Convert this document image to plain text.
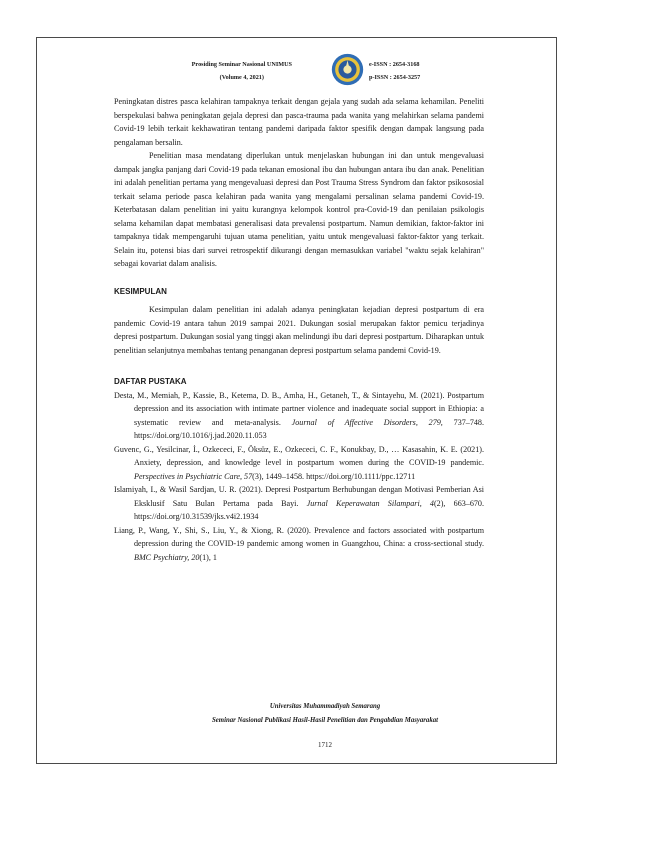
Prosiding Seminar Nasional UNIMUS
(Volume 4, 2021)
e-ISSN : 2654-3168
p-ISSN : 2654-3257

Peningkatan distres pasca kelahiran tampaknya terkait dengan gejala yang sudah ada selama kehamilan. Peneliti berspekulasi bahwa peningkatan gejala depresi dan pasca-trauma pada wanita yang melahirkan selama pandemi Covid-19 lebih terkait kekhawatiran tentang pandemi daripada faktor spesifik dengan dampak langsung pada pengalaman bersalin.

Penelitian masa mendatang diperlukan untuk menjelaskan hubungan ini dan untuk mengevaluasi dampak jangka panjang dari Covid-19 pada tekanan emosional ibu dan hubungan antara ibu dan anak. Penelitian ini adalah penelitian pertama yang mengevaluasi depresi dan Post Trauma Stress Syndrom dan faktor psikososial terkait selama periode pasca kelahiran pada wanita yang mengalami persalinan selama pandemi Covid-19. Keterbatasan dalam penelitian ini yaitu kurangnya kelompok kontrol pra-Covid-19 dan penilaian psikologis selama kehamilan dapat membatasi generalisasi data prevalensi postpartum. Namun demikian, faktor-faktor ini tampaknya tidak mempengaruhi tujuan utama penelitian, yaitu untuk mengevaluasi faktor-faktor yang terkait. Selain itu, potensi bias dari survei retrospektif dikurangi dengan memasukkan variabel "waktu sejak kelahiran" sebagai kovariat dalam analisis.

KESIMPULAN

Kesimpulan dalam penelitian ini adalah adanya peningkatan kejadian depresi postpartum di era pandemic Covid-19 antara tahun 2019 sampai 2021. Dukungan sosial merupakan faktor pemicu terjadinya depresi postpartum. Dukungan sosial yang tinggi akan melindungi ibu dari depresi postpartum. Diharapkan untuk penelitian selanjutnya membahas tentang penanganan depresi postpartum selama pandemi Covid-19.

DAFTAR PUSTAKA

Desta, M., Memiah, P., Kassie, B., Ketema, D. B., Amha, H., Getaneh, T., & Sintayehu, M. (2021). Postpartum depression and its association with intimate partner violence and inadequate social support in Ethiopia: a systematic review and meta-analysis. Journal of Affective Disorders, 279, 737–748. https://doi.org/10.1016/j.jad.2020.11.053

Guvenc, G., Yesilcinar, İ., Ozkececi, F., Öksüz, E., Ozkececi, C. F., Konukbay, D., … Kasasahin, K. E. (2021). Anxiety, depression, and knowledge level in postpartum women during the COVID-19 pandemic. Perspectives in Psychiatric Care, 57(3), 1449–1458. https://doi.org/10.1111/ppc.12711

Islamiyah, I., & Wasil Sardjan, U. R. (2021). Depresi Postpartum Berhubungan dengan Motivasi Pemberian Asi Eksklusif Satu Bulan Pertama pada Bayi. Jurnal Keperawatan Silampari, 4(2), 663–670. https://doi.org/10.31539/jks.v4i2.1934

Liang, P., Wang, Y., Shi, S., Liu, Y., & Xiong, R. (2020). Prevalence and factors associated with postpartum depression during the COVID-19 pandemic among women in Guangzhou, China: a cross-sectional study. BMC Psychiatry, 20(1), 1

Universitas Muhammadiyah Semarang
Seminar Nasional Publikasi Hasil-Hasil Penelitian dan Pengabdian Masyarakat
1712
